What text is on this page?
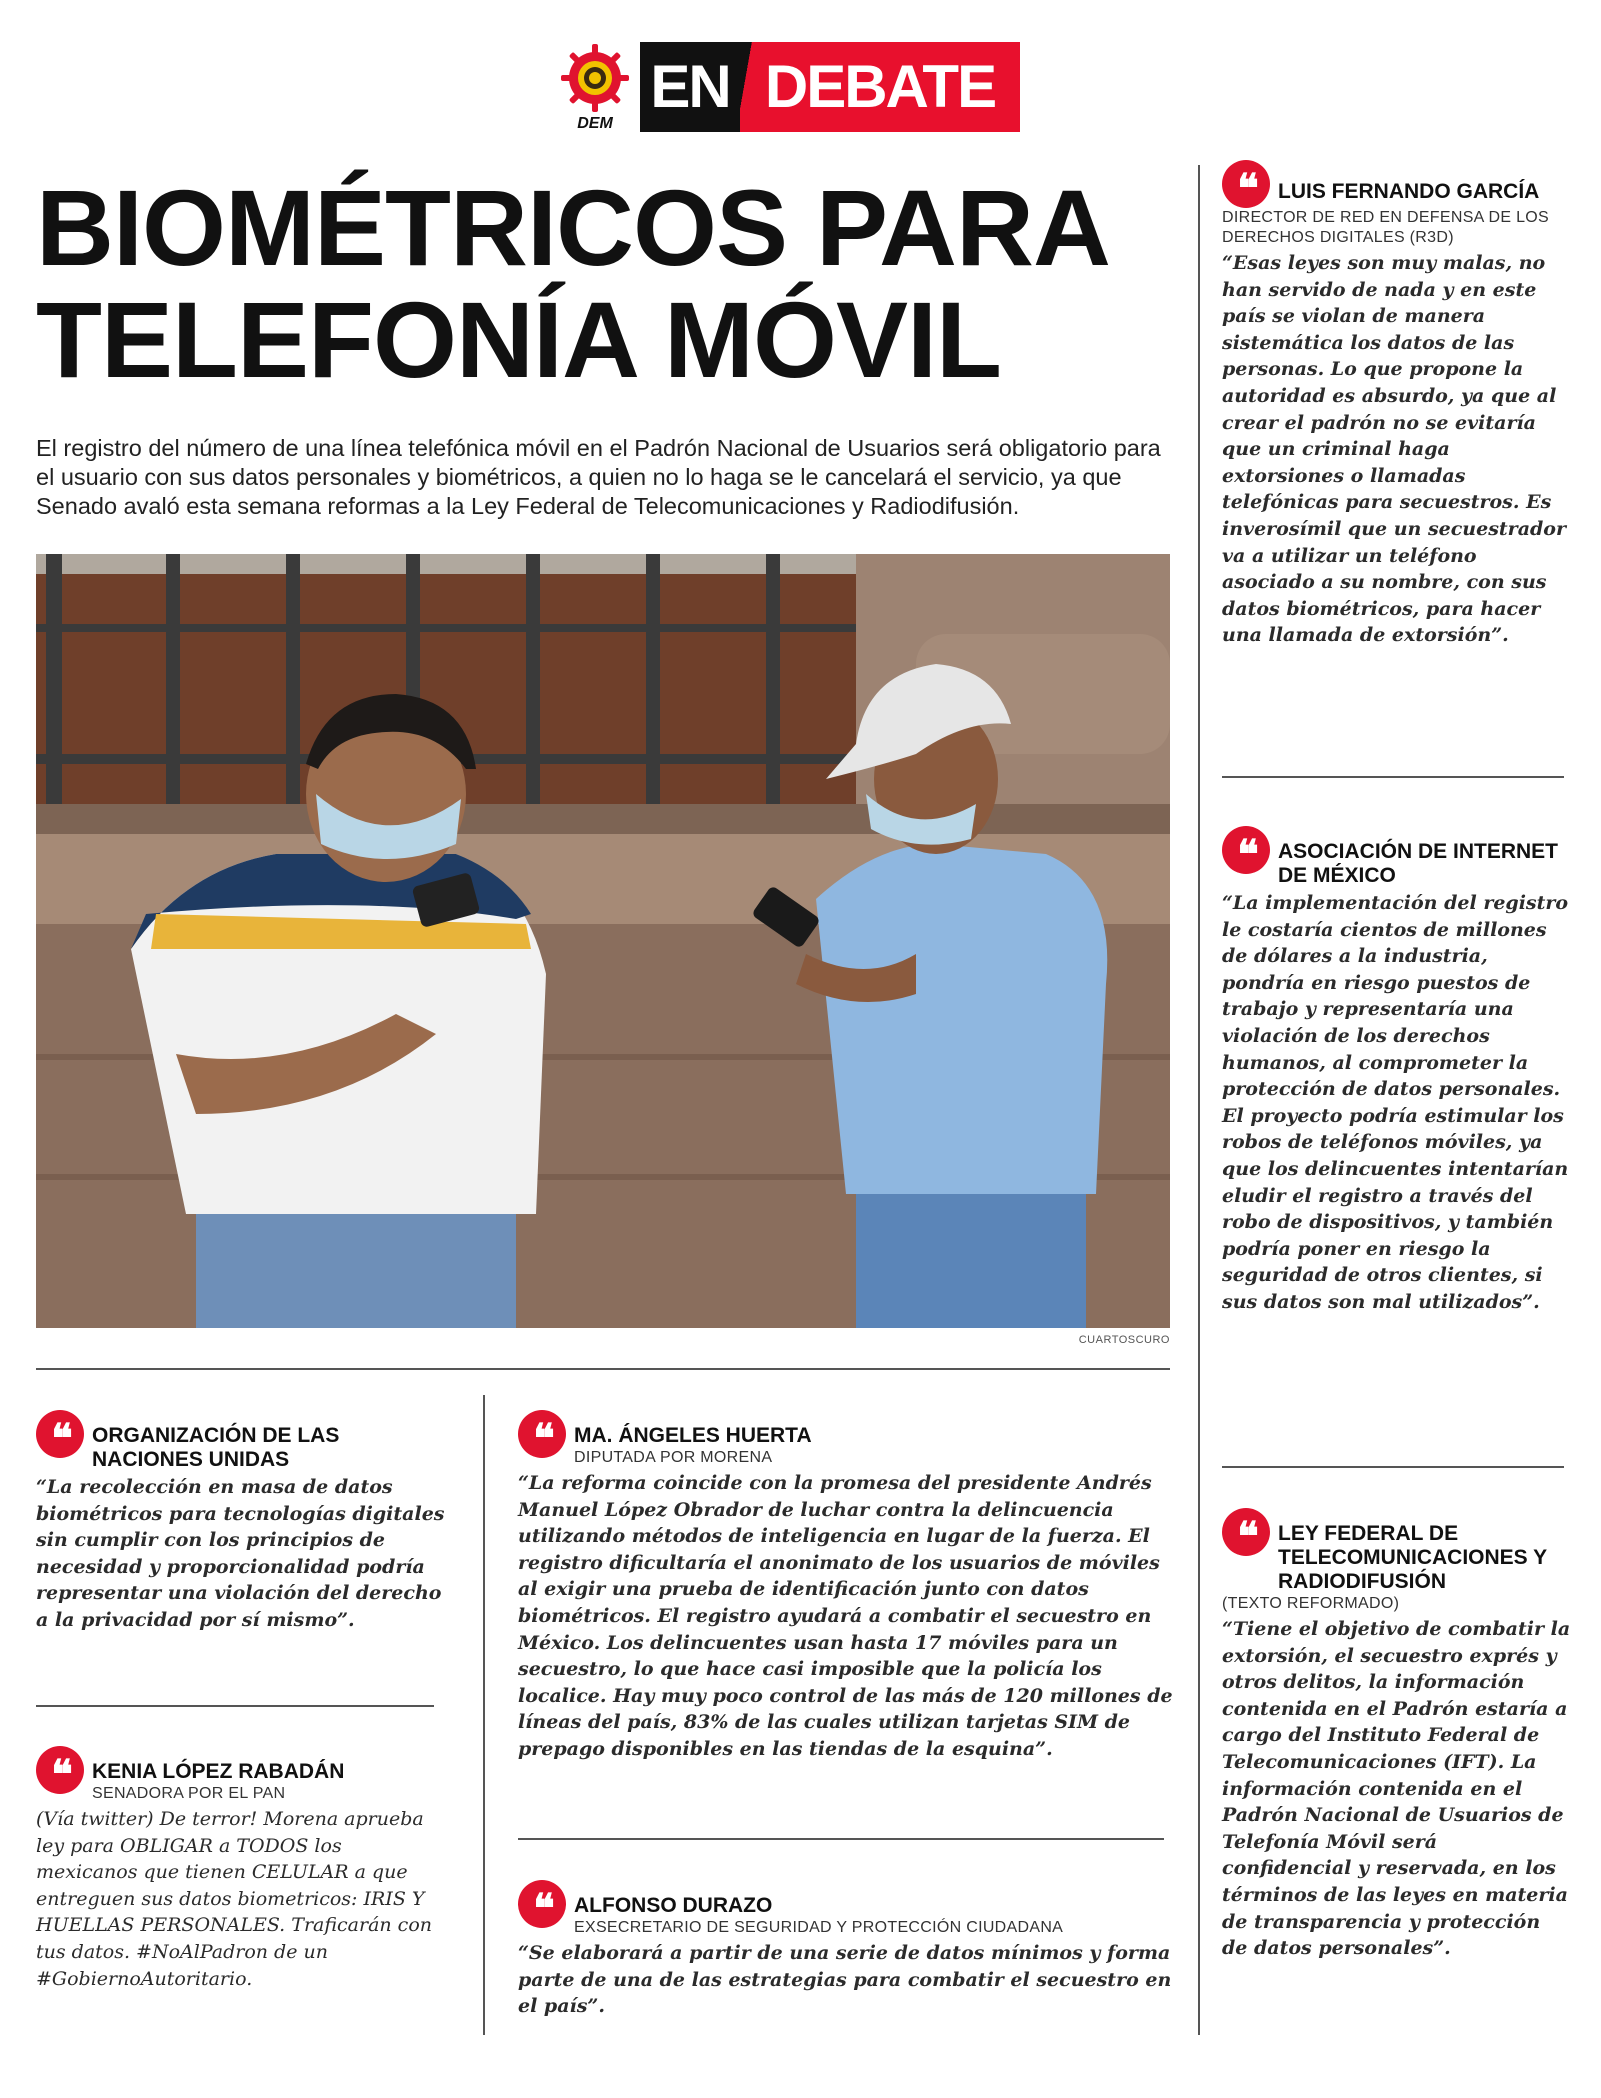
DEM
EN DEBATE
BIOMÉTRICOS PARA
TELEFONÍA MÓVIL
El registro del número de una línea telefónica móvil en el Padrón Nacional de Usuarios será obligatorio para el usuario con sus datos personales y biométricos, a quien no lo haga se le cancelará el servicio, ya que Senado avaló esta semana reformas a la Ley Federal de Telecomunicaciones y Radiodifusión.
CUARTOSCURO
❝	ORGANIZACIÓN DE LAS NACIONES UNIDAS
“La recolección en masa de datos biométricos para tecnologías digitales sin cumplir con los principios de necesidad y proporcionalidad podría representar una violación del derecho a la privacidad por sí mismo”.
❝	KENIA LÓPEZ RABADÁN
SENADORA POR EL PAN
(Vía twitter) De terror! Morena aprueba ley para OBLIGAR a TODOS los mexicanos que tienen CELULAR a que entreguen sus datos biometricos: IRIS Y HUELLAS PERSONALES. Traficarán con tus datos. #NoAlPadron de un #GobiernoAutoritario.
❝	MA. ÁNGELES HUERTA
DIPUTADA POR MORENA
“La reforma coincide con la promesa del presidente Andrés Manuel López Obrador de luchar contra la delincuencia utilizando métodos de inteligencia en lugar de la fuerza. El registro dificultaría el anonimato de los usuarios de móviles al exigir una prueba de identificación junto con datos biométricos. El registro ayudará a combatir el secuestro en México. Los delincuentes usan hasta 17 móviles para un secuestro, lo que hace casi imposible que la policía los localice. Hay muy poco control de las más de 120 millones de líneas del país, 83% de las cuales utilizan tarjetas SIM de prepago disponibles en las tiendas de la esquina”.
❝	ALFONSO DURAZO
EXSECRETARIO DE SEGURIDAD Y PROTECCIÓN CIUDADANA
“Se elaborará a partir de una serie de datos mínimos y forma parte de una de las estrategias para combatir el secuestro en el país”.
❝	LUIS FERNANDO GARCÍA
DIRECTOR DE RED EN DEFENSA DE LOS DERECHOS DIGITALES (R3D)
“Esas leyes son muy malas, no han servido de nada y en este país se violan de manera sistemática los datos de las personas. Lo que propone la autoridad es absurdo, ya que al crear el padrón no se evitaría que un criminal haga extorsiones o llamadas telefónicas para secuestros. Es inverosímil que un secuestrador va a utilizar un teléfono asociado a su nombre, con sus datos biométricos, para hacer una llamada de extorsión”.
❝	ASOCIACIÓN DE INTERNET DE MÉXICO
“La implementación del registro le costaría cientos de millones de dólares a la industria, pondría en riesgo puestos de trabajo y representaría una violación de los derechos humanos, al comprometer la protección de datos personales. El proyecto podría estimular los robos de teléfonos móviles, ya que los delincuentes intentarían eludir el registro a través del robo de dispositivos, y también podría poner en riesgo la seguridad de otros clientes, si sus datos son mal utilizados”.
❝	LEY FEDERAL DE TELECOMUNICACIONES Y RADIODIFUSIÓN
(TEXTO REFORMADO)
“Tiene el objetivo de combatir la extorsión, el secuestro exprés y otros delitos, la información contenida en el Padrón estaría a cargo del Instituto Federal de Telecomunicaciones (IFT). La información contenida en el Padrón Nacional de Usuarios de Telefonía Móvil será confidencial y reservada, en los términos de las leyes en materia de transparencia y protección de datos personales”.
